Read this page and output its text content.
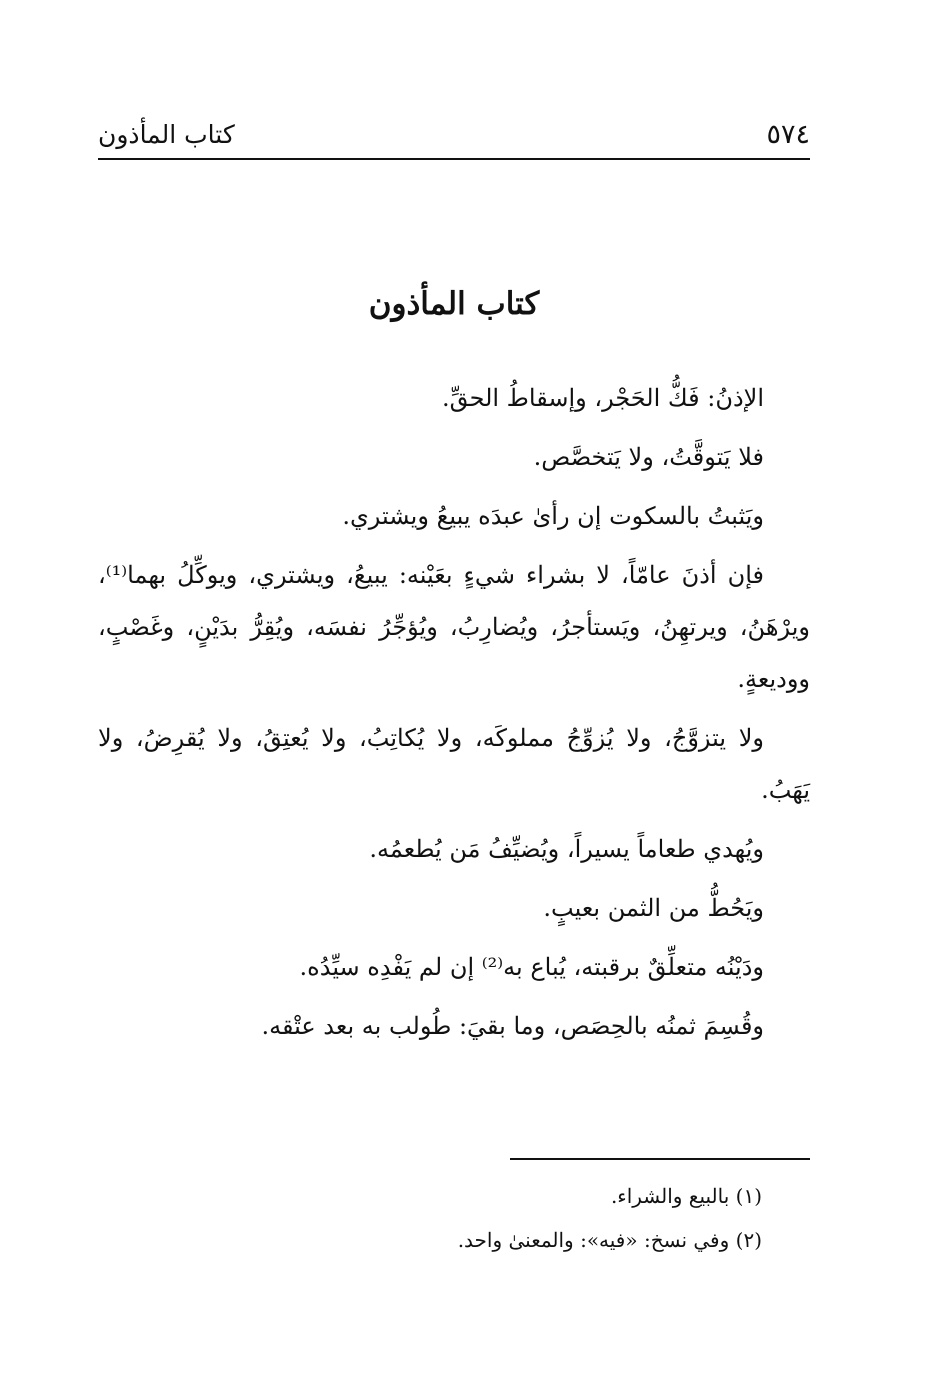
٥٧٤
كتاب المأذون
كتاب المأذون

الإذنُ: فَكُّ الحَجْر، وإسقاطُ الحقِّ.

فلا يَتوقَّتُ، ولا يَتخصَّص.

ويَثبتُ بالسكوت إن رأىٰ عبدَه يبيعُ ويشتري.

فإن أذنَ عامّاً، لا بشراء شيءٍ بعَيْنه: يبيعُ، ويشتري، ويوكِّلُ بهما⁽¹⁾، ويرْهَنُ، ويرتهِنُ، ويَستأجرُ، ويُضارِبُ، ويُؤجِّرُ نفسَه، ويُقِرُّ بدَيْنٍ، وغَصْبٍ، ووديعةٍ.

ولا يتزوَّجُ، ولا يُزوِّجُ مملوكَه، ولا يُكاتِبُ، ولا يُعتِقُ، ولا يُقرِضُ، ولا يَهَبُ.

ويُهدي طعاماً يسيراً، ويُضيِّفُ مَن يُطعمُه.

ويَحُطُّ من الثمن بعيبٍ.

ودَيْنُه متعلِّقٌ برقبته، يُباع به⁽²⁾ إن لم يَفْدِه سيِّدُه.

وقُسِمَ ثمنُه بالحِصَص، وما بقيَ: طُولب به بعد عتْقه.

(١) بالبيع والشراء.

(٢) وفي نسخ: «فيه»: والمعنىٰ واحد.
